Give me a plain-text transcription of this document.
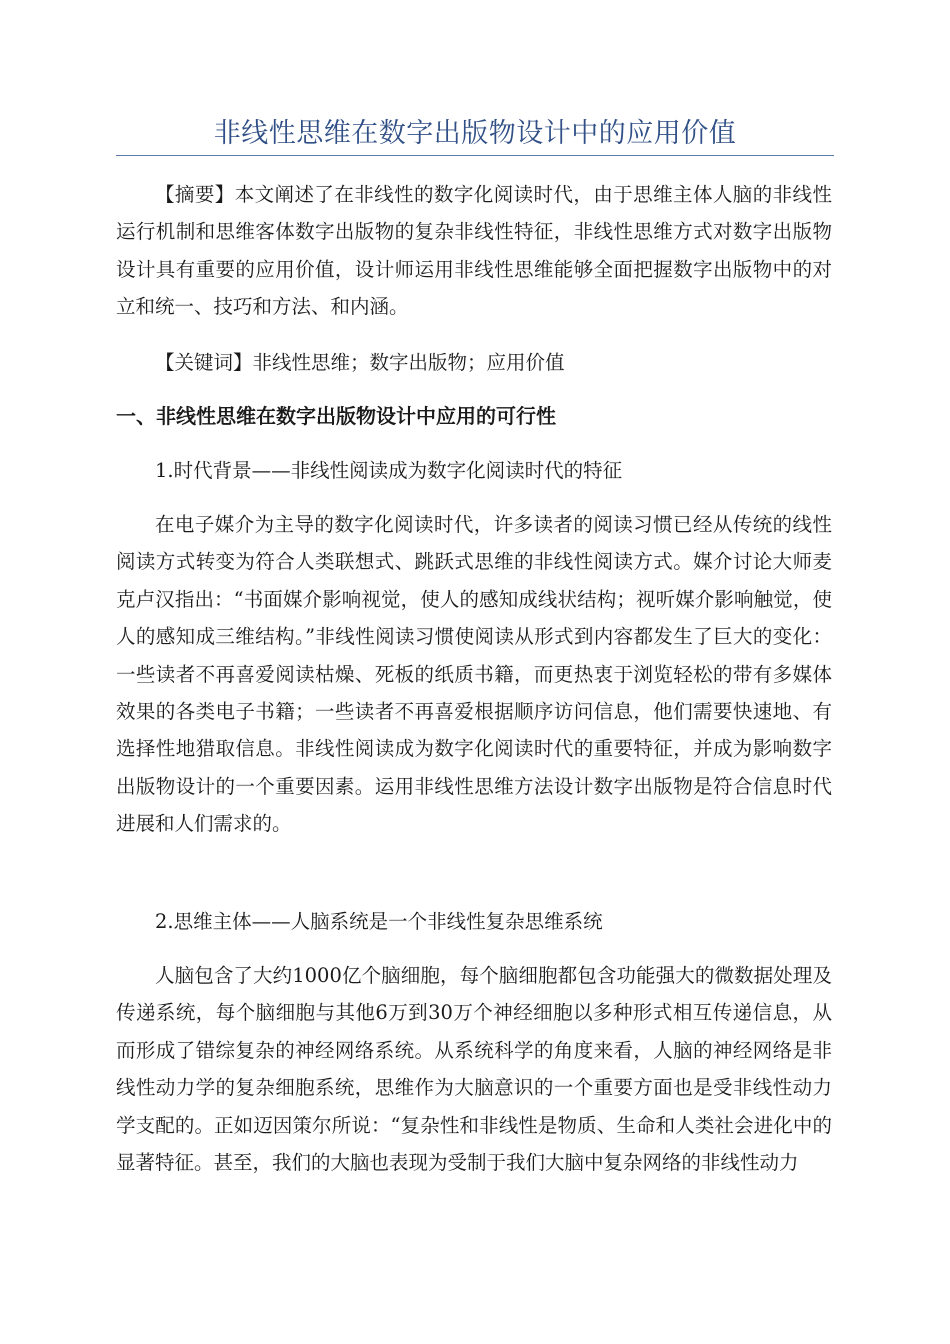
非线性思维在数字出版物设计中的应用价值
【摘要】本文阐述了在非线性的数字化阅读时代，由于思维主体人脑的非线性运行机制和思维客体数字出版物的复杂非线性特征，非线性思维方式对数字出版物设计具有重要的应用价值，设计师运用非线性思维能够全面把握数字出版物中的对立和统一、技巧和方法、和内涵。
【关键词】非线性思维；数字出版物；应用价值
一、非线性思维在数字出版物设计中应用的可行性
1.时代背景——非线性阅读成为数字化阅读时代的特征
在电子媒介为主导的数字化阅读时代，许多读者的阅读习惯已经从传统的线性阅读方式转变为符合人类联想式、跳跃式思维的非线性阅读方式。媒介讨论大师麦克卢汉指出：“书面媒介影响视觉，使人的感知成线状结构；视听媒介影响触觉，使人的感知成三维结构。”非线性阅读习惯使阅读从形式到内容都发生了巨大的变化：一些读者不再喜爱阅读枯燥、死板的纸质书籍，而更热衷于浏览轻松的带有多媒体效果的各类电子书籍；一些读者不再喜爱根据顺序访问信息，他们需要快速地、有选择性地猎取信息。非线性阅读成为数字化阅读时代的重要特征，并成为影响数字出版物设计的一个重要因素。运用非线性思维方法设计数字出版物是符合信息时代进展和人们需求的。
2.思维主体——人脑系统是一个非线性复杂思维系统
人脑包含了大约1000亿个脑细胞，每个脑细胞都包含功能强大的微数据处理及传递系统，每个脑细胞与其他6万到30万个神经细胞以多种形式相互传递信息，从而形成了错综复杂的神经网络系统。从系统科学的角度来看，人脑的神经网络是非线性动力学的复杂细胞系统，思维作为大脑意识的一个重要方面也是受非线性动力学支配的。正如迈因策尔所说：“复杂性和非线性是物质、生命和人类社会进化中的显著特征。甚至，我们的大脑也表现为受制于我们大脑中复杂网络的非线性动力
